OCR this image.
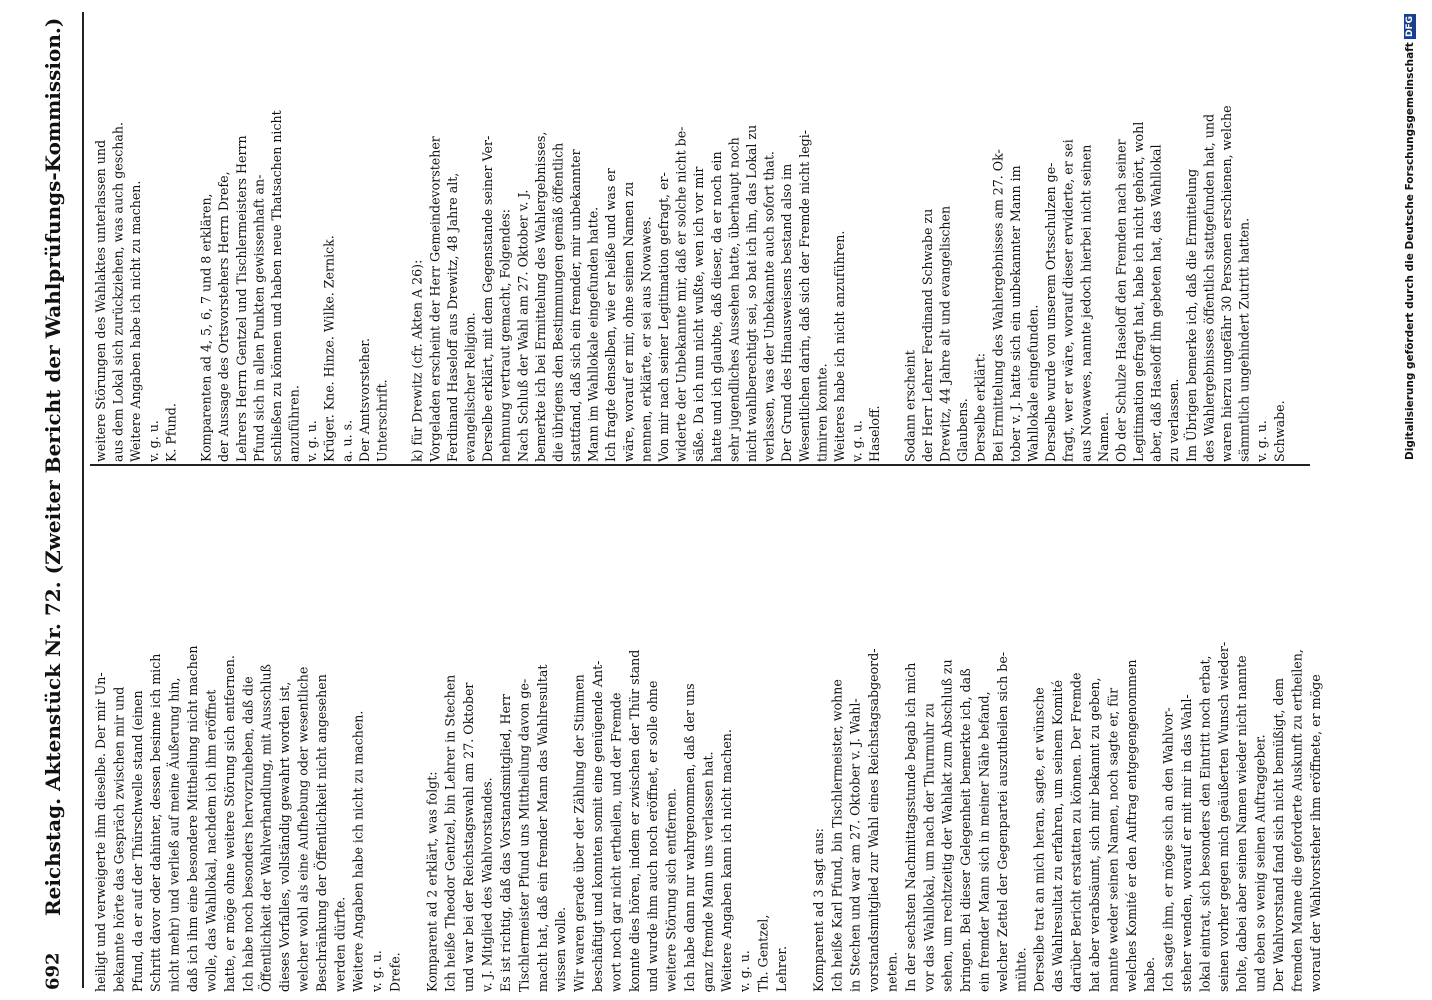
692
Reichstag. Aktenstück Nr. 72. (Zweiter Bericht der Wahlprüfungs-Kommission.) heiligt und verweigerte ihm dieselbe. Der mir Un- bekannte hörte das Gespräch zwischen mir und Pfund, da er auf der Thürschwelle stand (einen Schritt davor oder dahinter, dessen besinne ich mich nicht mehr) und verließ auf meine Äußerung hin, daß ich ihm eine besondere Mittheilung nicht machen wolle, das Wahllokal, nachdem ich ihm eröffnet hatte, er möge ohne weitere Störung sich entfernen. Ich habe noch besonders hervorzuheben, daß die Öffentlichkeit der Wahlverhandlung, mit Ausschluß dieses Vorfalles, vollständig gewahrt worden ist, welcher wohl als eine Aufhebung oder wesentliche Beschränkung der Öffentlichkeit nicht angesehen werden dürfte. Weitere Angaben habe ich nicht zu machen. v. g. u. Drefe.
Komparent ad 2 erklärt, was folgt: Ich heiße Theodor Gentzel, bin Lehrer in Stechen und war bei der Reichstagswahl am 27. Oktober v. J. Mitglied des Wahlvorstandes. Es ist richtig, daß das Vorstandsmitglied, Herr Tischlermeister Pfund uns Mittheilung davon ge- macht hat, daß ein fremder Mann das Wahlresultat wissen wolle. Wir waren gerade über der Zählung der Stimmen beschäftigt und konnten somit eine genügende Ant- wort noch gar nicht ertheilen, und der Fremde konnte dies hören, indem er zwischen der Thür stand und wurde ihm auch noch eröffnet, er solle ohne weitere Störung sich entfernen. Ich habe dann nur wahrgenommen, daß der uns ganz fremde Mann uns verlassen hat. Weitere Angaben kann ich nicht machen. v. g. u. Th. Gentzel, Lehrer.
Komparent ad 3 sagt aus: Ich heiße Karl Pfund, bin Tischlermeister, wohne in Stechen und war am 27. Oktober v. J. Wahl- vorstandsmitglied zur Wahl eines Reichstagsabgeord- neten. In der sechsten Nachmittagsstunde begab ich mich vor das Wahllokal, um nach der Thurmuhr zu sehen, um rechtzeitig der Wahlakt zum Abschluß zu bringen. Bei dieser Gelegenheit bemerkte ich, daß ein fremder Mann sich in meiner Nähe befand, welcher Zettel der Gegenpartei auszutheilen sich be- mühte. Derselbe trat an mich heran, sagte, er wünsche das Wahlresultat zu erfahren, um seinem Komité darüber Bericht erstatten zu können. Der Fremde hat aber verabsäumt, sich mir bekannt zu geben, nannte weder seinen Namen, noch sagte er, für welches Komité er den Auftrag entgegengenommen habe. Ich sagte ihm, er möge sich an den Wahlvor- steher wenden, worauf er mit mir in das Wahl- lokal eintrat, sich besonders den Eintritt noch erbat, seinen vorher gegen mich geäußerten Wunsch wieder- holte, dabei aber seinen Namen wieder nicht nannte und eben so wenig seinen Auftraggeber. Der Wahlvorstand fand sich nicht bemüßigt, dem fremden Manne die geforderte Auskunft zu ertheilen, worauf der Wahlvorsteher ihm eröffnete, er möge
weitere Störungen des Wahlaktes unterlassen und aus dem Lokal sich zurückziehen, was auch geschah. Weitere Angaben habe ich nicht zu machen. v. g. u. K. Pfund.
Komparenten ad 4, 5, 6, 7 und 8 erklären, der Aussage des Ortsvorstehers Herrn Drefe, Lehrers Herrn Gentzel und Tischlermeisters Herrn Pfund sich in allen Punkten gewissenhaft an- schließen zu können und haben neue Thatsachen nicht anzuführen. v. g. u. Krüger. Kne. Hinze. Wilke. Zernick. a. u. s. Der Amtsvorsteher. Unterschrift.
k) für Drewitz (cfr. Akten A 26): Vorgeladen erscheint der Herr Gemeindevorsteher Ferdinand Haseloff aus Drewitz, 48 Jahre alt, evangelischer Religion. Derselbe erklärt, mit dem Gegenstande seiner Ver- nehmung vertraut gemacht, Folgendes: Nach Schluß der Wahl am 27. Oktober v. J. bemerkte ich bei Ermittelung des Wahlergebnisses, die übrigens den Bestimmungen gemäß öffentlich stattfand, daß sich ein fremder, mir unbekannter Mann im Wahllokale eingefunden hatte. Ich fragte denselben, wie er heiße und was er wäre, worauf er mir, ohne seinen Namen zu nennen, erklärte, er sei aus Nowawes. Von mir nach seiner Legitimation gefragt, er- widerte der Unbekannte mir, daß er solche nicht be- säße. Da ich nun nicht wußte, wen ich vor mir hatte und ich glaubte, daß dieser, da er noch ein sehr jugendliches Aussehen hatte, überhaupt noch nicht wahlberechtigt sei, so bat ich ihn, das Lokal zu verlassen, was der Unbekannte auch sofort that. Der Grund des Hinausweisens bestand also im Wesentlichen darin, daß sich der Fremde nicht legi- timiren konnte. Weiteres habe ich nicht anzuführen. v. g. u. Haseloff.
Sodann erscheint der Herr Lehrer Ferdinand Schwabe zu Drewitz, 44 Jahre alt und evangelischen Glaubens. Derselbe erklärt: Bei Ermittelung des Wahlergebnisses am 27. Ok- tober v. J. hatte sich ein unbekannter Mann im Wahllokale eingefunden. Derselbe wurde von unserem Ortsschulzen ge- fragt, wer er wäre, worauf dieser erwiderte, er sei aus Nowawes, nannte jedoch hierbei nicht seinen Namen. Ob der Schulze Haseloff den Fremden nach seiner Legitimation gefragt hat, habe ich nicht gehört, wohl aber, daß Haseloff ihn gebeten hat, das Wahllokal zu verlassen. Im Übrigen bemerke ich, daß die Ermittelung des Wahlergebnisses öffentlich stattgefunden hat, und waren hierzu ungefähr 30 Personen erschienen, welche sämmtlich ungehindert Zutritt hatten. v. g. u. Schwabe.	Digitalisierung gefördert durch die Deutsche Forschungsgemeinschaft DFG
